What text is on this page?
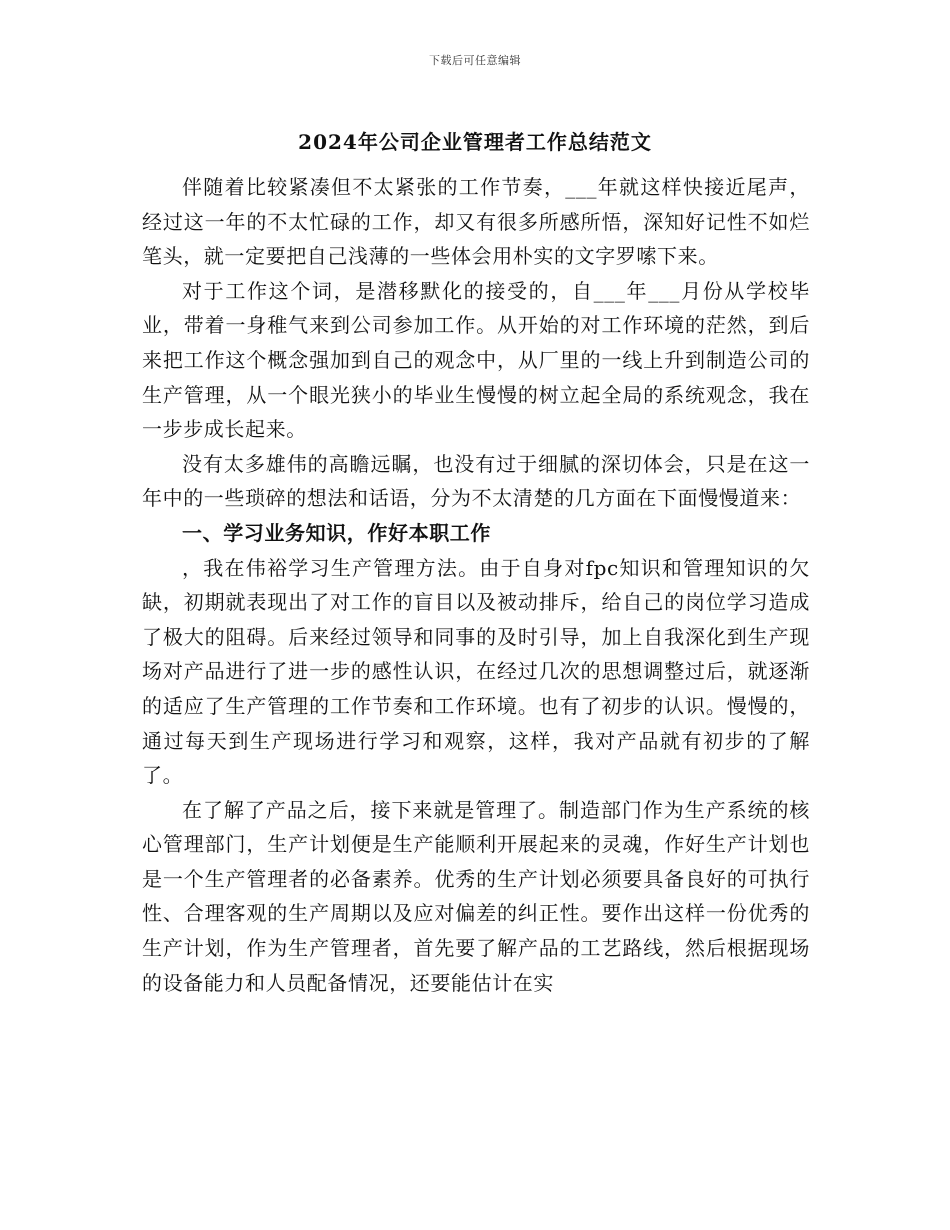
下载后可任意编辑
2024年公司企业管理者工作总结范文

伴随着比较紧凑但不太紧张的工作节奏，___年就这样快接近尾声，经过这一年的不太忙碌的工作，却又有很多所感所悟，深知好记性不如烂笔头，就一定要把自己浅薄的一些体会用朴实的文字罗嗦下来。

对于工作这个词，是潜移默化的接受的，自___年___月份从学校毕业，带着一身稚气来到公司参加工作。从开始的对工作环境的茫然，到后来把工作这个概念强加到自己的观念中，从厂里的一线上升到制造公司的生产管理，从一个眼光狭小的毕业生慢慢的树立起全局的系统观念，我在一步步成长起来。

没有太多雄伟的高瞻远瞩，也没有过于细腻的深切体会，只是在这一年中的一些琐碎的想法和话语，分为不太清楚的几方面在下面慢慢道来：

一、学习业务知识，作好本职工作

，我在伟裕学习生产管理方法。由于自身对fpc知识和管理知识的欠缺，初期就表现出了对工作的盲目以及被动排斥，给自己的岗位学习造成了极大的阻碍。后来经过领导和同事的及时引导，加上自我深化到生产现场对产品进行了进一步的感性认识，在经过几次的思想调整过后，就逐渐的适应了生产管理的工作节奏和工作环境。也有了初步的认识。慢慢的，通过每天到生产现场进行学习和观察，这样，我对产品就有初步的了解了。

在了解了产品之后，接下来就是管理了。制造部门作为生产系统的核心管理部门，生产计划便是生产能顺利开展起来的灵魂，作好生产计划也是一个生产管理者的必备素养。优秀的生产计划必须要具备良好的可执行性、合理客观的生产周期以及应对偏差的纠正性。要作出这样一份优秀的生产计划，作为生产管理者，首先要了解产品的工艺路线，然后根据现场的设备能力和人员配备情况，还要能估计在实
